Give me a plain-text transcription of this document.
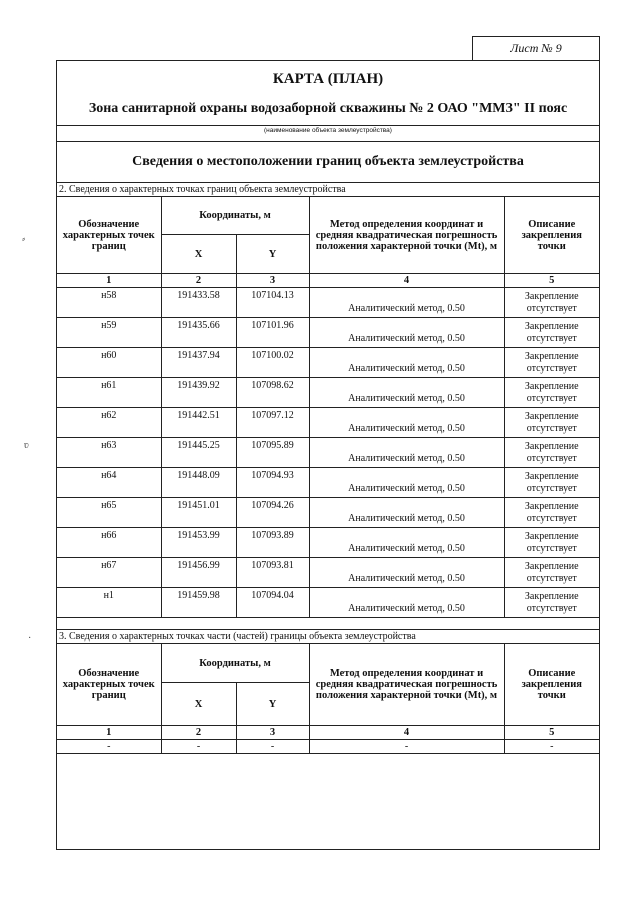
Лист № 9
⸗
ʋ
·
КАРТА (ПЛАН)
Зона санитарной охраны водозаборной скважины № 2 ОАО "ММЗ" II пояс
(наименование объекта землеустройства)
Сведения о местоположении границ объекта землеустройства
2. Сведения о характерных точках границ объекта землеустройства
Обозначение характерных точек границ	Координаты, м		Метод определения координат и средняя квадратическая погрешность положения характерной точки (Mt), м	Описание закрепления точки
	X	Y		
1	2	3	4	5
н58	191433.58	107104.13	Аналитический метод, 0.50	Закрепление отсутствует
н59	191435.66	107101.96	Аналитический метод, 0.50	Закрепление отсутствует
н60	191437.94	107100.02	Аналитический метод, 0.50	Закрепление отсутствует
н61	191439.92	107098.62	Аналитический метод, 0.50	Закрепление отсутствует
н62	191442.51	107097.12	Аналитический метод, 0.50	Закрепление отсутствует
н63	191445.25	107095.89	Аналитический метод, 0.50	Закрепление отсутствует
н64	191448.09	107094.93	Аналитический метод, 0.50	Закрепление отсутствует
н65	191451.01	107094.26	Аналитический метод, 0.50	Закрепление отсутствует
н66	191453.99	107093.89	Аналитический метод, 0.50	Закрепление отсутствует
н67	191456.99	107093.81	Аналитический метод, 0.50	Закрепление отсутствует
н1	191459.98	107094.04	Аналитический метод, 0.50	Закрепление отсутствует
3. Сведения о характерных точках части (частей) границы объекта землеустройства
Обозначение характерных точек границ	Координаты, м		Метод определения координат и средняя квадратическая погрешность положения характерной точки (Mt), м	Описание закрепления точки
	X	Y		
1	2	3	4	5
-	-	-	-	-
